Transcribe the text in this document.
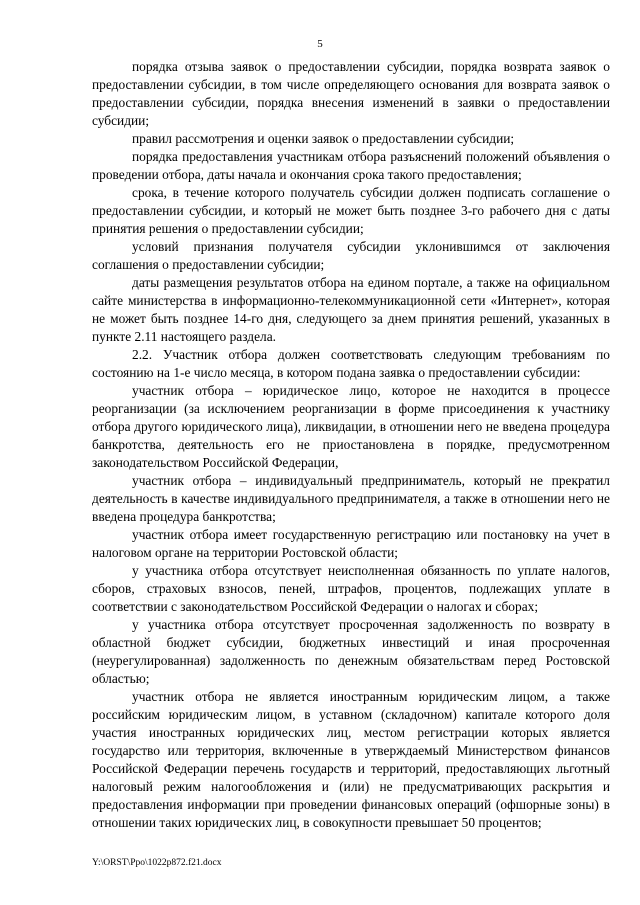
5

порядка отзыва заявок о предоставлении субсидии, порядка возврата заявок о предоставлении субсидии, в том числе определяющего основания для возврата заявок о предоставлении субсидии, порядка внесения изменений в заявки о предоставлении субсидии;

правил рассмотрения и оценки заявок о предоставлении субсидии;

порядка предоставления участникам отбора разъяснений положений объявления о проведении отбора, даты начала и окончания срока такого предоставления;

срока, в течение которого получатель субсидии должен подписать соглашение о предоставлении субсидии, и который не может быть позднее 3-го рабочего дня с даты принятия решения о предоставлении субсидии;

условий признания получателя субсидии уклонившимся от заключения соглашения о предоставлении субсидии;

даты размещения результатов отбора на едином портале, а также на официальном сайте министерства в информационно-телекоммуникационной сети «Интернет», которая не может быть позднее 14-го дня, следующего за днем принятия решений, указанных в пункте 2.11 настоящего раздела.

2.2. Участник отбора должен соответствовать следующим требованиям по состоянию на 1-е число месяца, в котором подана заявка о предоставлении субсидии:

участник отбора – юридическое лицо, которое не находится в процессе реорганизации (за исключением реорганизации в форме присоединения к участнику отбора другого юридического лица), ликвидации, в отношении него не введена процедура банкротства, деятельность его не приостановлена в порядке, предусмотренном законодательством Российской Федерации,

участник отбора – индивидуальный предприниматель, который не прекратил деятельность в качестве индивидуального предпринимателя, а также в отношении него не введена процедура банкротства;

участник отбора имеет государственную регистрацию или постановку на учет в налоговом органе на территории Ростовской области;

у участника отбора отсутствует неисполненная обязанность по уплате налогов, сборов, страховых взносов, пеней, штрафов, процентов, подлежащих уплате в соответствии с законодательством Российской Федерации о налогах и сборах;

у участника отбора отсутствует просроченная задолженность по возврату в областной бюджет субсидии, бюджетных инвестиций и иная просроченная (неурегулированная) задолженность по денежным обязательствам перед Ростовской областью;

участник отбора не является иностранным юридическим лицом, а также российским юридическим лицом, в уставном (складочном) капитале которого доля участия иностранных юридических лиц, местом регистрации которых является государство или территория, включенные в утверждаемый Министерством финансов Российской Федерации перечень государств и территорий, предоставляющих льготный налоговый режим налогообложения и (или) не предусматривающих раскрытия и предоставления информации при проведении финансовых операций (офшорные зоны) в отношении таких юридических лиц, в совокупности превышает 50 процентов;

Y:\ORST\Ppo\1022p872.f21.docx
